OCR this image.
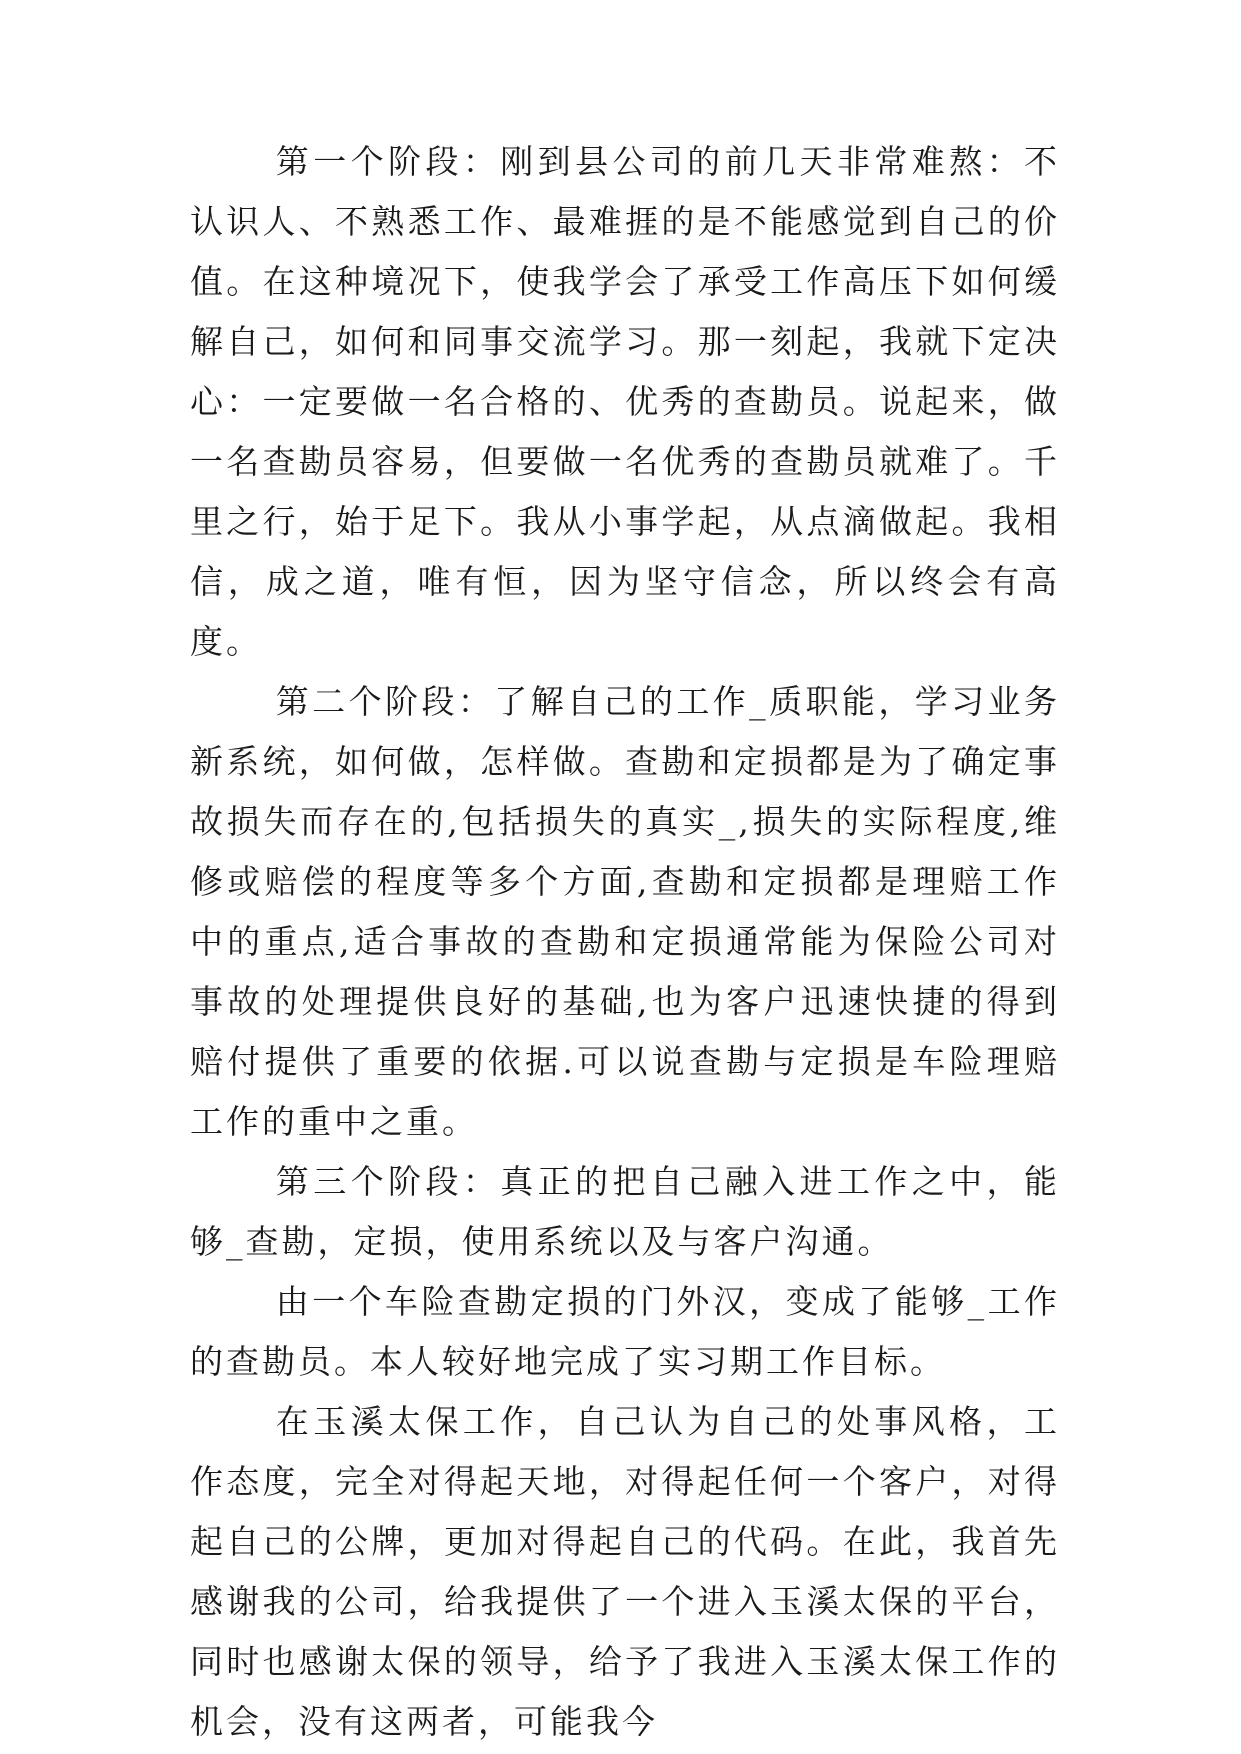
第一个阶段：刚到县公司的前几天非常难熬：不认识人、不熟悉工作、最难捱的是不能感觉到自己的价值。在这种境况下，使我学会了承受工作高压下如何缓解自己，如何和同事交流学习。那一刻起，我就下定决心：一定要做一名合格的、优秀的查勘员。说起来，做一名查勘员容易，但要做一名优秀的查勘员就难了。千里之行，始于足下。我从小事学起，从点滴做起。我相信，成之道，唯有恒，因为坚守信念，所以终会有高度。

第二个阶段：了解自己的工作_质职能，学习业务新系统，如何做，怎样做。查勘和定损都是为了确定事故损失而存在的,包括损失的真实_,损失的实际程度,维修或赔偿的程度等多个方面,查勘和定损都是理赔工作中的重点,适合事故的查勘和定损通常能为保险公司对事故的处理提供良好的基础,也为客户迅速快捷的得到赔付提供了重要的依据.可以说查勘与定损是车险理赔工作的重中之重。

第三个阶段：真正的把自己融入进工作之中，能够_查勘，定损，使用系统以及与客户沟通。

由一个车险查勘定损的门外汉，变成了能够_工作的查勘员。本人较好地完成了实习期工作目标。

在玉溪太保工作，自己认为自己的处事风格，工作态度，完全对得起天地，对得起任何一个客户，对得起自己的公牌，更加对得起自己的代码。在此，我首先感谢我的公司，给我提供了一个进入玉溪太保的平台，同时也感谢太保的领导，给予了我进入玉溪太保工作的机会，没有这两者，可能我今
